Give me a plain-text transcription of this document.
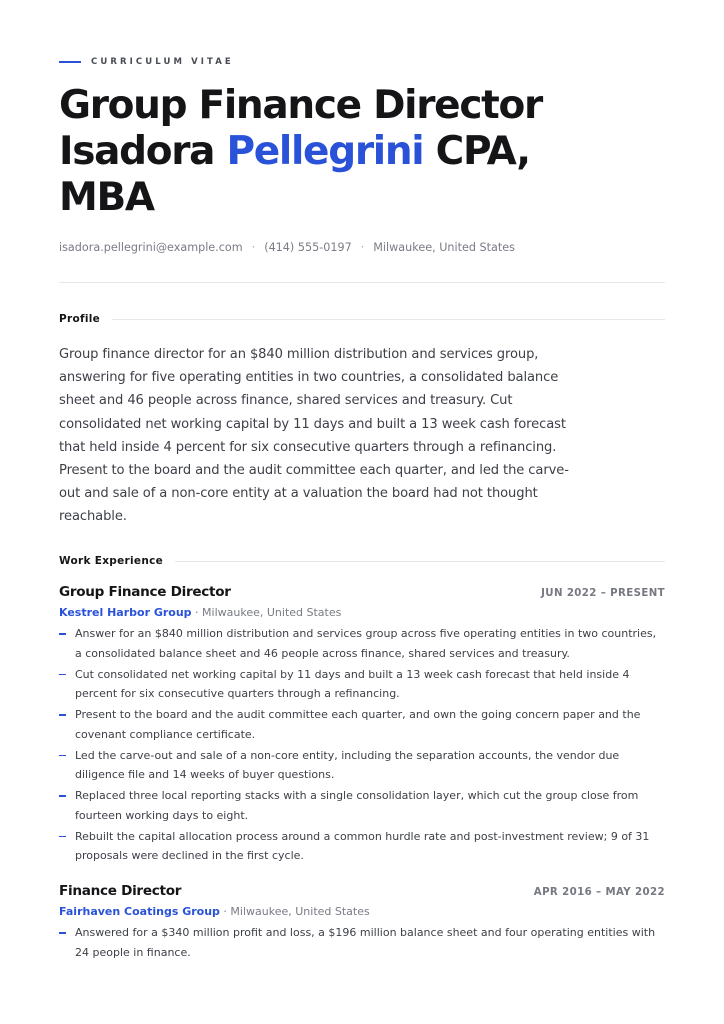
CURRICULUM VITAE
Group Finance Director
Isadora Pellegrini CPA,
MBA
isadora.pellegrini@example.com · (414) 555-0197 · Milwaukee, United States
Profile

Group finance director for an $840 million distribution and services group, answering for five operating entities in two countries, a consolidated balance sheet and 46 people across finance, shared services and treasury. Cut consolidated net working capital by 11 days and built a 13 week cash forecast that held inside 4 percent for six consecutive quarters through a refinancing. Present to the board and the audit committee each quarter, and led the carve-out and sale of a non-core entity at a valuation the board had not thought reachable.

Work Experience
Group Finance Director	JUN 2022 – PRESENT
Kestrel Harbor Group · Milwaukee, United States
Answer for an $840 million distribution and services group across five operating entities in two countries, a consolidated balance sheet and 46 people across finance, shared services and treasury.
Cut consolidated net working capital by 11 days and built a 13 week cash forecast that held inside 4 percent for six consecutive quarters through a refinancing.
Present to the board and the audit committee each quarter, and own the going concern paper and the covenant compliance certificate.
Led the carve-out and sale of a non-core entity, including the separation accounts, the vendor due diligence file and 14 weeks of buyer questions.
Replaced three local reporting stacks with a single consolidation layer, which cut the group close from fourteen working days to eight.
Rebuilt the capital allocation process around a common hurdle rate and post-investment review; 9 of 31 proposals were declined in the first cycle.
Finance Director	APR 2016 – MAY 2022
Fairhaven Coatings Group · Milwaukee, United States
Answered for a $340 million profit and loss, a $196 million balance sheet and four operating entities with 24 people in finance.
